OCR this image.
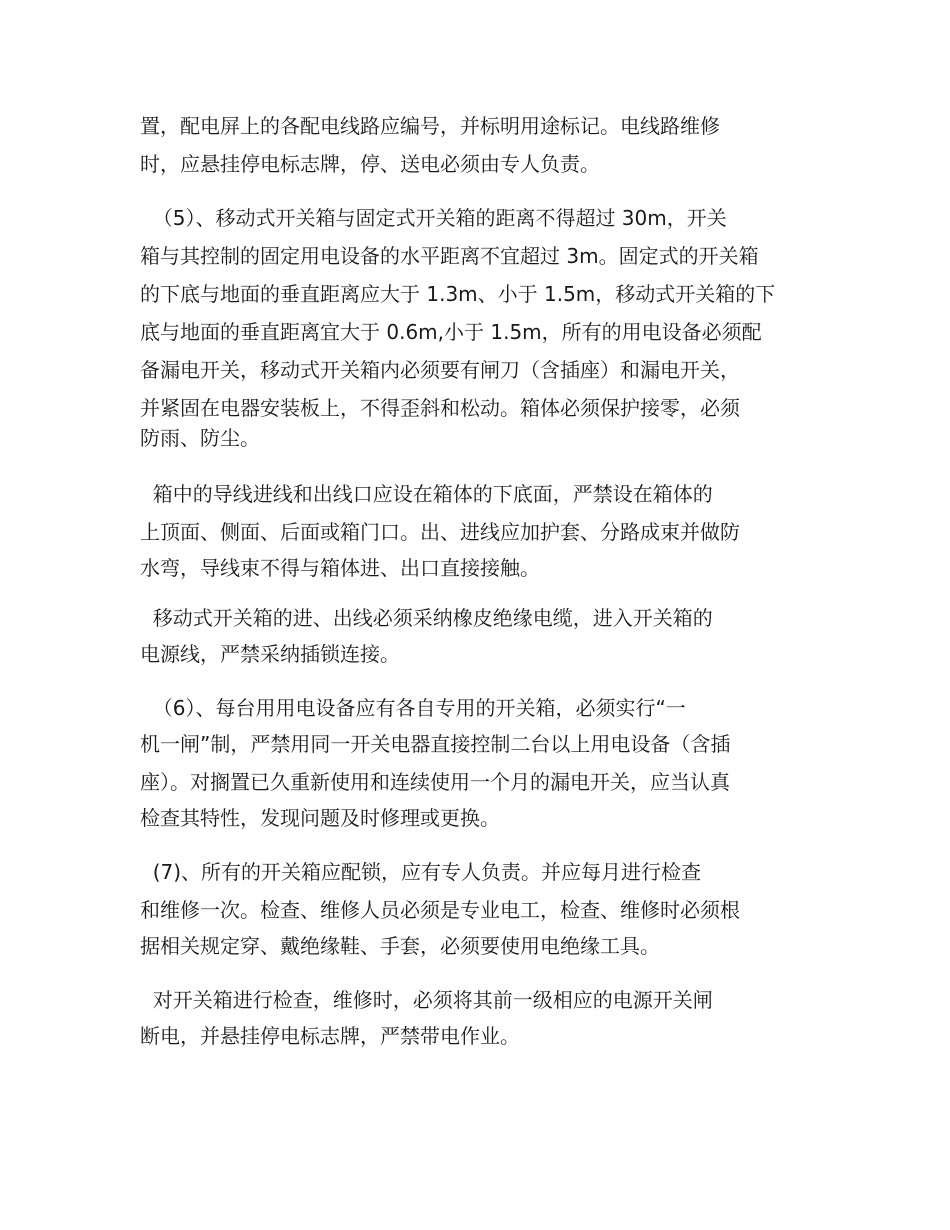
置，配电屏上的各配电线路应编号，并标明用途标记。电线路维修
时，应悬挂停电标志牌，停、送电必须由专人负责。
（5）、移动式开关箱与固定式开关箱的距离不得超过 30m，开关
箱与其控制的固定用电设备的水平距离不宜超过 3m。固定式的开关箱
的下底与地面的垂直距离应大于 1.3m、小于 1.5m，移动式开关箱的下
底与地面的垂直距离宜大于 0.6m,小于 1.5m，所有的用电设备必须配
备漏电开关，移动式开关箱内必须要有闸刀（含插座）和漏电开关，
并紧固在电器安装板上，不得歪斜和松动。箱体必须保护接零，必须
防雨、防尘。
箱中的导线进线和出线口应设在箱体的下底面，严禁设在箱体的
上顶面、侧面、后面或箱门口。出、进线应加护套、分路成束并做防
水弯，导线束不得与箱体进、出口直接接触。
移动式开关箱的进、出线必须采纳橡皮绝缘电缆，进入开关箱的
电源线，严禁采纳插锁连接。
（6）、每台用用电设备应有各自专用的开关箱，必须实行“一
机一闸”制，严禁用同一开关电器直接控制二台以上用电设备（含插
座）。对搁置已久重新使用和连续使用一个月的漏电开关，应当认真
检查其特性，发现问题及时修理或更换。
(7)、所有的开关箱应配锁，应有专人负责。并应每月进行检查
和维修一次。检查、维修人员必须是专业电工，检查、维修时必须根
据相关规定穿、戴绝缘鞋、手套，必须要使用电绝缘工具。
对开关箱进行检查，维修时，必须将其前一级相应的电源开关闸
断电，并悬挂停电标志牌，严禁带电作业。
